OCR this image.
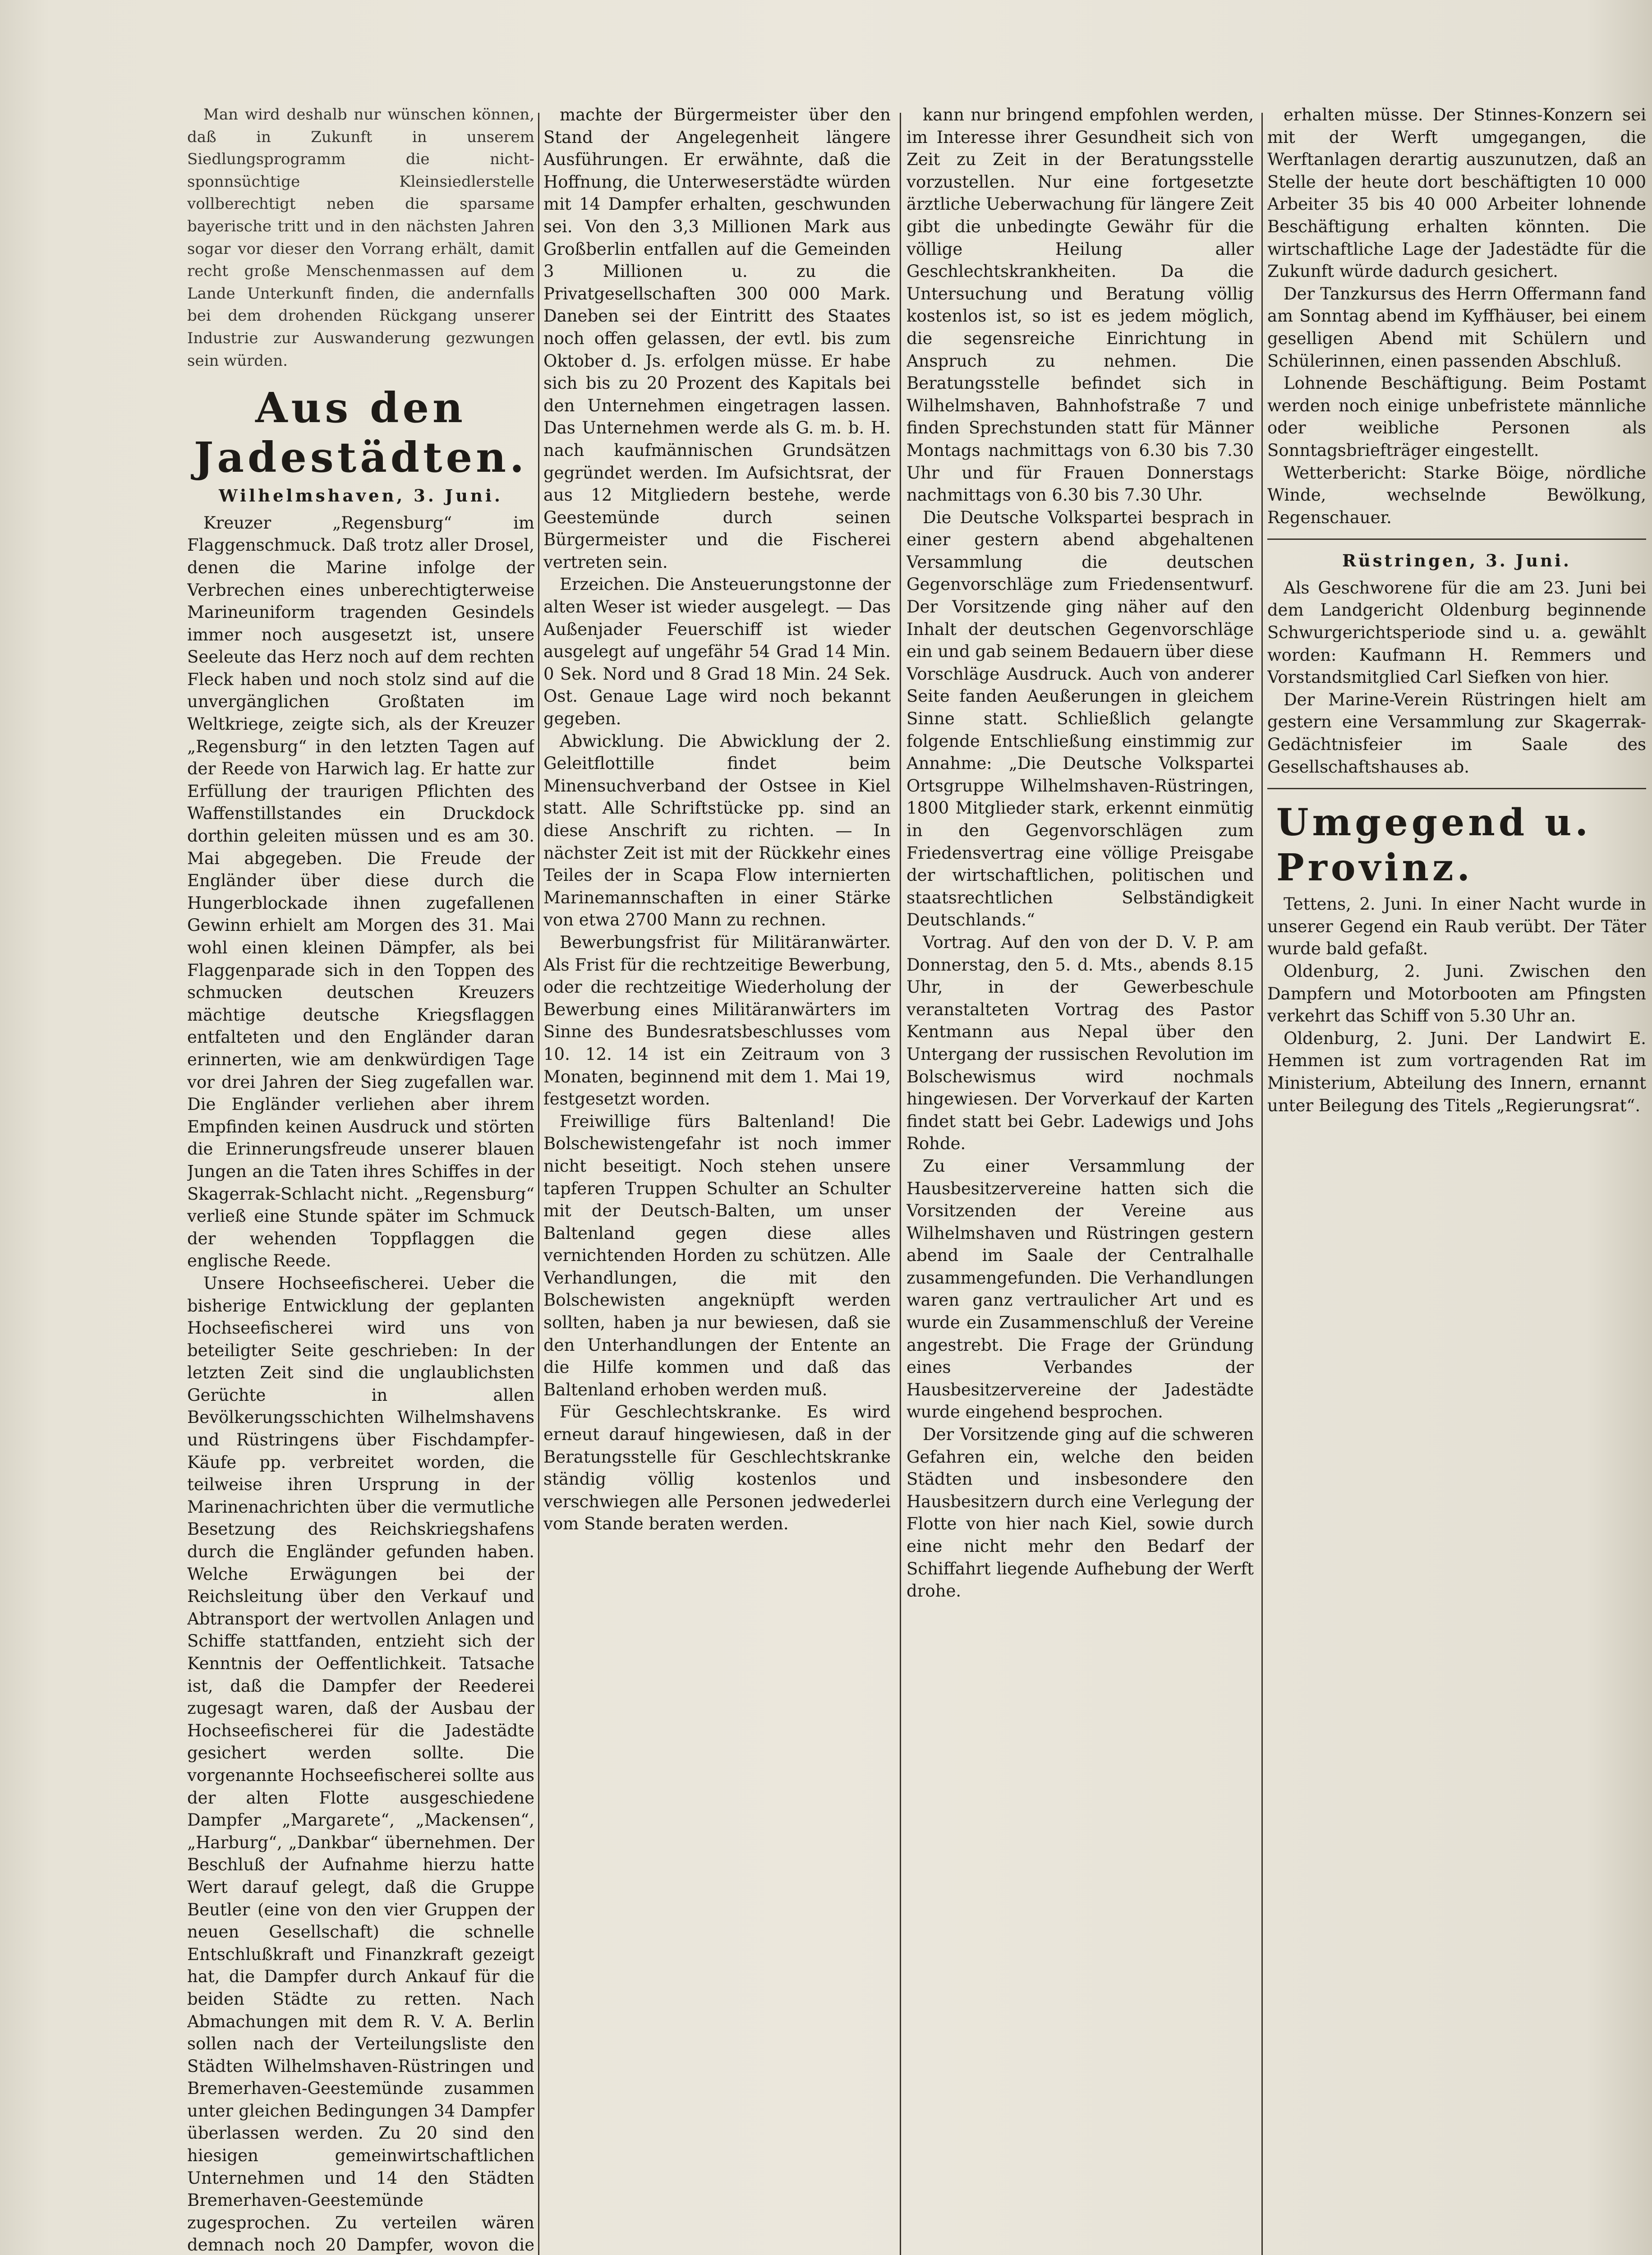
Man wird deshalb nur wünschen können, daß in Zukunft in unserem Siedlungsprogramm die nicht-sponnsüchtige Kleinsiedlerstelle vollberechtigt neben die sparsame bayerische tritt und in den nächsten Jahren sogar vor dieser den Vorrang erhält, damit recht große Menschenmassen auf dem Lande Unterkunft finden, die andernfalls bei dem drohenden Rückgang unserer Industrie zur Auswanderung gezwungen sein würden.

Aus den Jadestädten.
Wilhelmshaven, 3. Juni.

Kreuzer „Regensburg“ im Flaggenschmuck. Daß trotz aller Drosel, denen die Marine infolge der Verbrechen eines unberechtigterweise Marineuniform tragenden Gesindels immer noch ausgesetzt ist, unsere Seeleute das Herz noch auf dem rechten Fleck haben und noch stolz sind auf die unvergänglichen Großtaten im Weltkriege, zeigte sich, als der Kreuzer „Regensburg“ in den letzten Tagen auf der Reede von Harwich lag. Er hatte zur Erfüllung der traurigen Pflichten des Waffenstillstandes ein Druckdock dorthin geleiten müssen und es am 30. Mai abgegeben. Die Freude der Engländer über diese durch die Hungerblockade ihnen zugefallenen Gewinn erhielt am Morgen des 31. Mai wohl einen kleinen Dämpfer, als bei Flaggenparade sich in den Toppen des schmucken deutschen Kreuzers mächtige deutsche Kriegsflaggen entfalteten und den Engländer daran erinnerten, wie am denkwürdigen Tage vor drei Jahren der Sieg zugefallen war. Die Engländer verliehen aber ihrem Empfinden keinen Ausdruck und störten die Erinnerungsfreude unserer blauen Jungen an die Taten ihres Schiffes in der Skagerrak-Schlacht nicht. „Regensburg“ verließ eine Stunde später im Schmuck der wehenden Toppflaggen die englische Reede.

Unsere Hochseefischerei. Ueber die bisherige Entwicklung der geplanten Hochseefischerei wird uns von beteiligter Seite geschrieben: In der letzten Zeit sind die unglaublichsten Gerüchte in allen Bevölkerungsschichten Wilhelmshavens und Rüstringens über Fischdampfer-Käufe pp. verbreitet worden, die teilweise ihren Ursprung in der Marinenachrichten über die vermutliche Besetzung des Reichskriegshafens durch die Engländer gefunden haben. Welche Erwägungen bei der Reichsleitung über den Verkauf und Abtransport der wertvollen Anlagen und Schiffe stattfanden, entzieht sich der Kenntnis der Oeffentlichkeit. Tatsache ist, daß die Dampfer der Reederei zugesagt waren, daß der Ausbau der Hochseefischerei für die Jadestädte gesichert werden sollte. Die vorgenannte Hochseefischerei sollte aus der alten Flotte ausgeschiedene Dampfer „Margarete“, „Mackensen“, „Harburg“, „Dankbar“ übernehmen. Der Beschluß der Aufnahme hierzu hatte Wert darauf gelegt, daß die Gruppe Beutler (eine von den vier Gruppen der neuen Gesellschaft) die schnelle Entschlußkraft und Finanzkraft gezeigt hat, die Dampfer durch Ankauf für die beiden Städte zu retten. Nach Abmachungen mit dem R. V. A. Berlin sollen nach der Verteilungsliste den Städten Wilhelmshaven-Rüstringen und Bremerhaven-Geestemünde zusammen unter gleichen Bedingungen 34 Dampfer überlassen werden. Zu 20 sind den hiesigen gemeinwirtschaftlichen Unternehmen und 14 den Städten Bremerhaven-Geestemünde zugesprochen. Zu verteilen wären demnach noch 20 Dampfer, wovon die

machte der Bürgermeister über den Stand der Angelegenheit längere Ausführungen. Er erwähnte, daß die Hoffnung, die Unterweserstädte würden mit 14 Dampfer erhalten, geschwunden sei. Von den 3,3 Millionen Mark aus Großberlin entfallen auf die Gemeinden 3 Millionen u. zu die Privatgesellschaften 300 000 Mark. Daneben sei der Eintritt des Staates noch offen gelassen, der evtl. bis zum Oktober d. Js. erfolgen müsse. Er habe sich bis zu 20 Prozent des Kapitals bei den Unternehmen eingetragen lassen. Das Unternehmen werde als G. m. b. H. nach kaufmännischen Grundsätzen gegründet werden. Im Aufsichtsrat, der aus 12 Mitgliedern bestehe, werde Geestemünde durch seinen Bürgermeister und die Fischerei vertreten sein.

Erzeichen. Die Ansteuerungstonne der alten Weser ist wieder ausgelegt. — Das Außenjader Feuerschiff ist wieder ausgelegt auf ungefähr 54 Grad 14 Min. 0 Sek. Nord und 8 Grad 18 Min. 24 Sek. Ost. Genaue Lage wird noch bekannt gegeben.

Abwicklung. Die Abwicklung der 2. Geleitflottille findet beim Minensuchverband der Ostsee in Kiel statt. Alle Schriftstücke pp. sind an diese Anschrift zu richten. — In nächster Zeit ist mit der Rückkehr eines Teiles der in Scapa Flow internierten Marinemannschaften in einer Stärke von etwa 2700 Mann zu rechnen.

Bewerbungsfrist für Militäranwärter. Als Frist für die rechtzeitige Bewerbung, oder die rechtzeitige Wiederholung der Bewerbung eines Militäranwärters im Sinne des Bundesratsbeschlusses vom 10. 12. 14 ist ein Zeitraum von 3 Monaten, beginnend mit dem 1. Mai 19, festgesetzt worden.

Freiwillige fürs Baltenland! Die Bolschewistengefahr ist noch immer nicht beseitigt. Noch stehen unsere tapferen Truppen Schulter an Schulter mit der Deutsch-Balten, um unser Baltenland gegen diese alles vernichtenden Horden zu schützen. Alle Verhandlungen, die mit den Bolschewisten angeknüpft werden sollten, haben ja nur bewiesen, daß sie den Unterhandlungen der Entente an die Hilfe kommen und daß das Baltenland erhoben werden muß.

Für Geschlechtskranke. Es wird erneut darauf hingewiesen, daß in der Beratungsstelle für Geschlechtskranke ständig völlig kostenlos und verschwiegen alle Personen jedwederlei vom Stande beraten werden.

kann nur bringend empfohlen werden, im Interesse ihrer Gesundheit sich von Zeit zu Zeit in der Beratungsstelle vorzustellen. Nur eine fortgesetzte ärztliche Ueberwachung für längere Zeit gibt die unbedingte Gewähr für die völlige Heilung aller Geschlechtskrankheiten. Da die Untersuchung und Beratung völlig kostenlos ist, so ist es jedem möglich, die segensreiche Einrichtung in Anspruch zu nehmen. Die Beratungsstelle befindet sich in Wilhelmshaven, Bahnhofstraße 7 und finden Sprechstunden statt für Männer Montags nachmittags von 6.30 bis 7.30 Uhr und für Frauen Donnerstags nachmittags von 6.30 bis 7.30 Uhr.

Die Deutsche Volkspartei besprach in einer gestern abend abgehaltenen Versammlung die deutschen Gegenvorschläge zum Friedensentwurf. Der Vorsitzende ging näher auf den Inhalt der deutschen Gegenvorschläge ein und gab seinem Bedauern über diese Vorschläge Ausdruck. Auch von anderer Seite fanden Aeußerungen in gleichem Sinne statt. Schließlich gelangte folgende Entschließung einstimmig zur Annahme: „Die Deutsche Volkspartei Ortsgruppe Wilhelmshaven-Rüstringen, 1800 Mitglieder stark, erkennt einmütig in den Gegenvorschlägen zum Friedensvertrag eine völlige Preisgabe der wirtschaftlichen, politischen und staatsrechtlichen Selbständigkeit Deutschlands.“

Vortrag. Auf den von der D. V. P. am Donnerstag, den 5. d. Mts., abends 8.15 Uhr, in der Gewerbeschule veranstalteten Vortrag des Pastor Kentmann aus Nepal über den Untergang der russischen Revolution im Bolschewismus wird nochmals hingewiesen. Der Vorverkauf der Karten findet statt bei Gebr. Ladewigs und Johs Rohde.

Zu einer Versammlung der Hausbesitzervereine hatten sich die Vorsitzenden der Vereine aus Wilhelmshaven und Rüstringen gestern abend im Saale der Centralhalle zusammengefunden. Die Verhandlungen waren ganz vertraulicher Art und es wurde ein Zusammenschluß der Vereine angestrebt. Die Frage der Gründung eines Verbandes der Hausbesitzervereine der Jadestädte wurde eingehend besprochen.

Der Vorsitzende ging auf die schweren Gefahren ein, welche den beiden Städten und insbesondere den Hausbesitzern durch eine Verlegung der Flotte von hier nach Kiel, sowie durch eine nicht mehr den Bedarf der Schiffahrt liegende Aufhebung der Werft drohe.

erhalten müsse. Der Stinnes-Konzern sei mit der Werft umgegangen, die Werftanlagen derartig auszunutzen, daß an Stelle der heute dort beschäftigten 10 000 Arbeiter 35 bis 40 000 Arbeiter lohnende Beschäftigung erhalten könnten. Die wirtschaftliche Lage der Jadestädte für die Zukunft würde dadurch gesichert.

Der Tanzkursus des Herrn Offermann fand am Sonntag abend im Kyffhäuser, bei einem geselligen Abend mit Schülern und Schülerinnen, einen passenden Abschluß.

Lohnende Beschäftigung. Beim Postamt werden noch einige unbefristete männliche oder weibliche Personen als Sonntagsbriefträger eingestellt.

Wetterbericht: Starke Böige, nördliche Winde, wechselnde Bewölkung, Regenschauer.

Rüstringen, 3. Juni.

Als Geschworene für die am 23. Juni bei dem Landgericht Oldenburg beginnende Schwurgerichtsperiode sind u. a. gewählt worden: Kaufmann H. Remmers und Vorstandsmitglied Carl Siefken von hier.

Der Marine-Verein Rüstringen hielt am gestern eine Versammlung zur Skagerrak-Gedächtnisfeier im Saale des Gesellschaftshauses ab.

Umgegend u. Provinz.

Tettens, 2. Juni. In einer Nacht wurde in unserer Gegend ein Raub verübt. Der Täter wurde bald gefaßt.

Oldenburg, 2. Juni. Zwischen den Dampfern und Motorbooten am Pfingsten verkehrt das Schiff von 5.30 Uhr an.

Oldenburg, 2. Juni. Der Landwirt E. Hemmen ist zum vortragenden Rat im Ministerium, Abteilung des Innern, ernannt unter Beilegung des Titels „Regierungsrat“.
